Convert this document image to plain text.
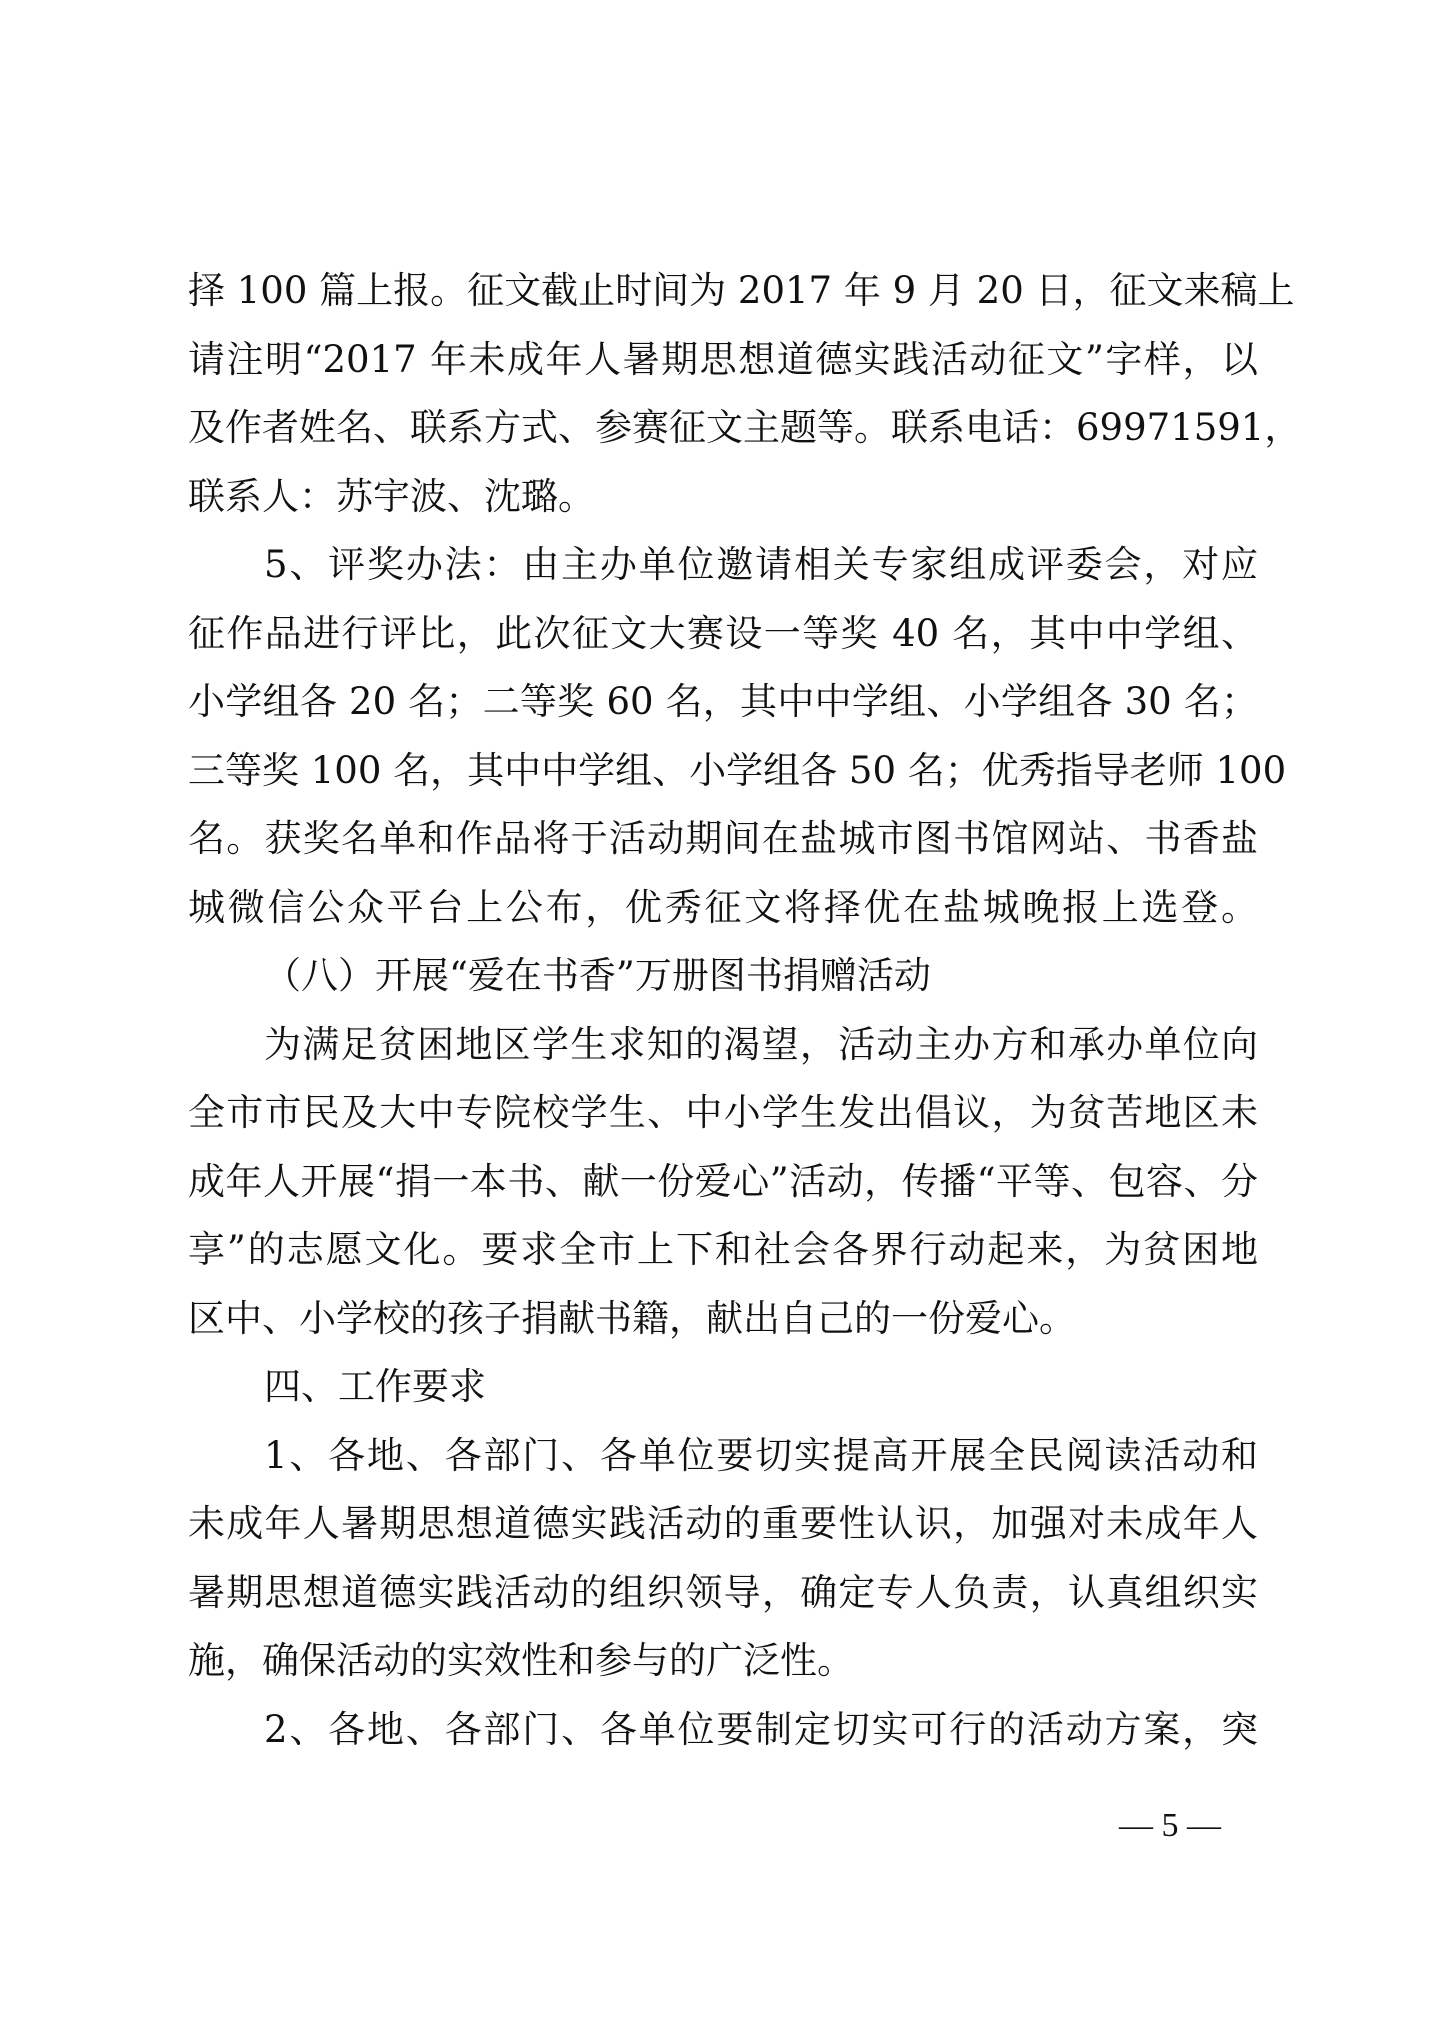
择 100 篇上报。征文截止时间为 2017 年 9 月 20 日，征文来稿上
请注明“2017 年未成年人暑期思想道德实践活动征文”字样，以
及作者姓名、联系方式、参赛征文主题等。联系电话：69971591，
联系人：苏宇波、沈璐。
5、评奖办法：由主办单位邀请相关专家组成评委会，对应
征作品进行评比，此次征文大赛设一等奖 40 名，其中中学组、
小学组各 20 名；二等奖 60 名，其中中学组、小学组各 30 名；
三等奖 100 名，其中中学组、小学组各 50 名；优秀指导老师 100
名。获奖名单和作品将于活动期间在盐城市图书馆网站、书香盐
城微信公众平台上公布，优秀征文将择优在盐城晚报上选登。
（八）开展“爱在书香”万册图书捐赠活动
为满足贫困地区学生求知的渴望，活动主办方和承办单位向
全市市民及大中专院校学生、中小学生发出倡议，为贫苦地区未
成年人开展“捐一本书、献一份爱心”活动，传播“平等、包容、分
享”的志愿文化。要求全市上下和社会各界行动起来，为贫困地
区中、小学校的孩子捐献书籍，献出自己的一份爱心。
四、工作要求
1、各地、各部门、各单位要切实提高开展全民阅读活动和
未成年人暑期思想道德实践活动的重要性认识，加强对未成年人
暑期思想道德实践活动的组织领导，确定专人负责，认真组织实
施，确保活动的实效性和参与的广泛性。
2、各地、各部门、各单位要制定切实可行的活动方案，突
— 5 —
